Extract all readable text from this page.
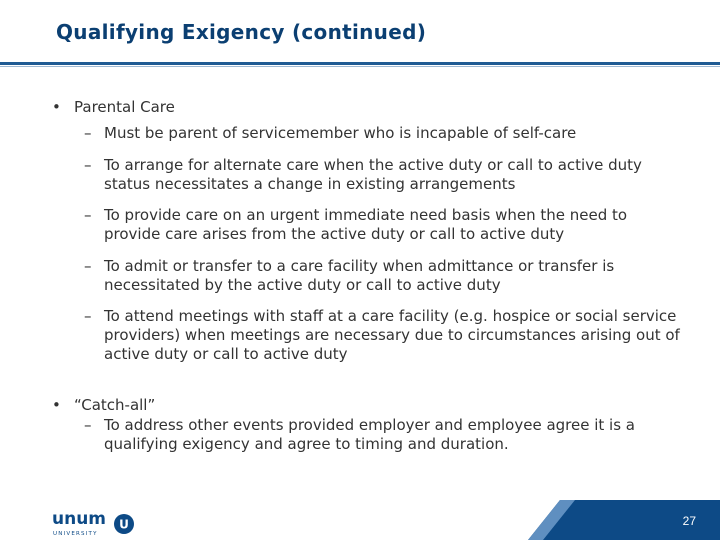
Qualifying Exigency (continued)
• Parental Care
– Must be parent of servicemember who is incapable of self-care
– To arrange for alternate care when the active duty or call to active duty status necessitates a change in existing arrangements
– To provide care on an urgent immediate need basis when the need to provide care arises from the active duty or call to active duty
– To admit or transfer to a care facility when admittance or transfer is necessitated by the active duty or call to active duty
– To attend meetings with staff at a care facility (e.g. hospice or social service providers) when meetings are necessary due to circumstances arising out of active duty or call to active duty
• “Catch-all”
– To address other events provided employer and employee agree it is a qualifying exigency and agree to timing and duration.
unum
UNIVERSITY
U	27
